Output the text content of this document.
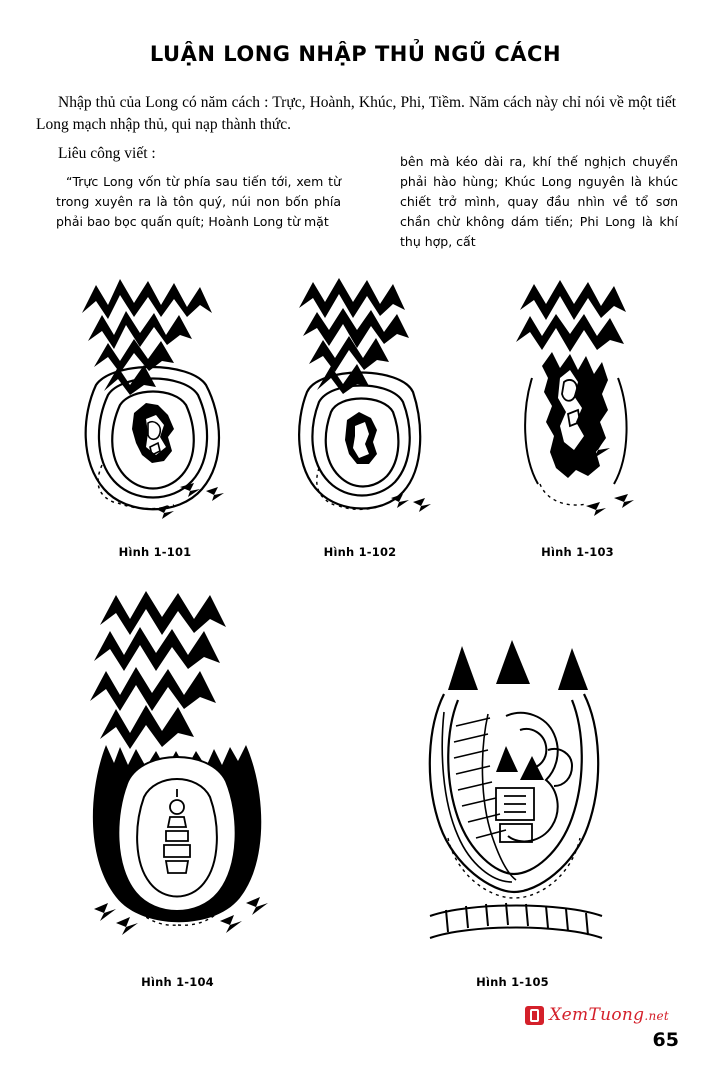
LUẬN LONG NHẬP THỦ NGŨ CÁCH
Nhập thủ của Long có năm cách : Trực, Hoành, Khúc, Phi, Tiềm. Năm cách này chỉ nói về một tiết Long mạch nhập thủ, qui nạp thành thức.
Liêu công viết :
“Trực Long vốn từ phía sau tiến tới, xem từ trong xuyên ra là tôn quý, núi non bốn phía phải bao bọc quấn quít; Hoành Long từ mặt
bên mà kéo dài ra, khí thế nghịch chuyển phải hào hùng; Khúc Long nguyên là khúc chiết trở mình, quay đầu nhìn về tổ sơn chần chừ không dám tiến; Phi Long là khí thụ hợp, cất
Hình 1-101	Hình 1-102	Hình 1-103
Hình 1-104	Hình 1-105
XemTuong.net
65
